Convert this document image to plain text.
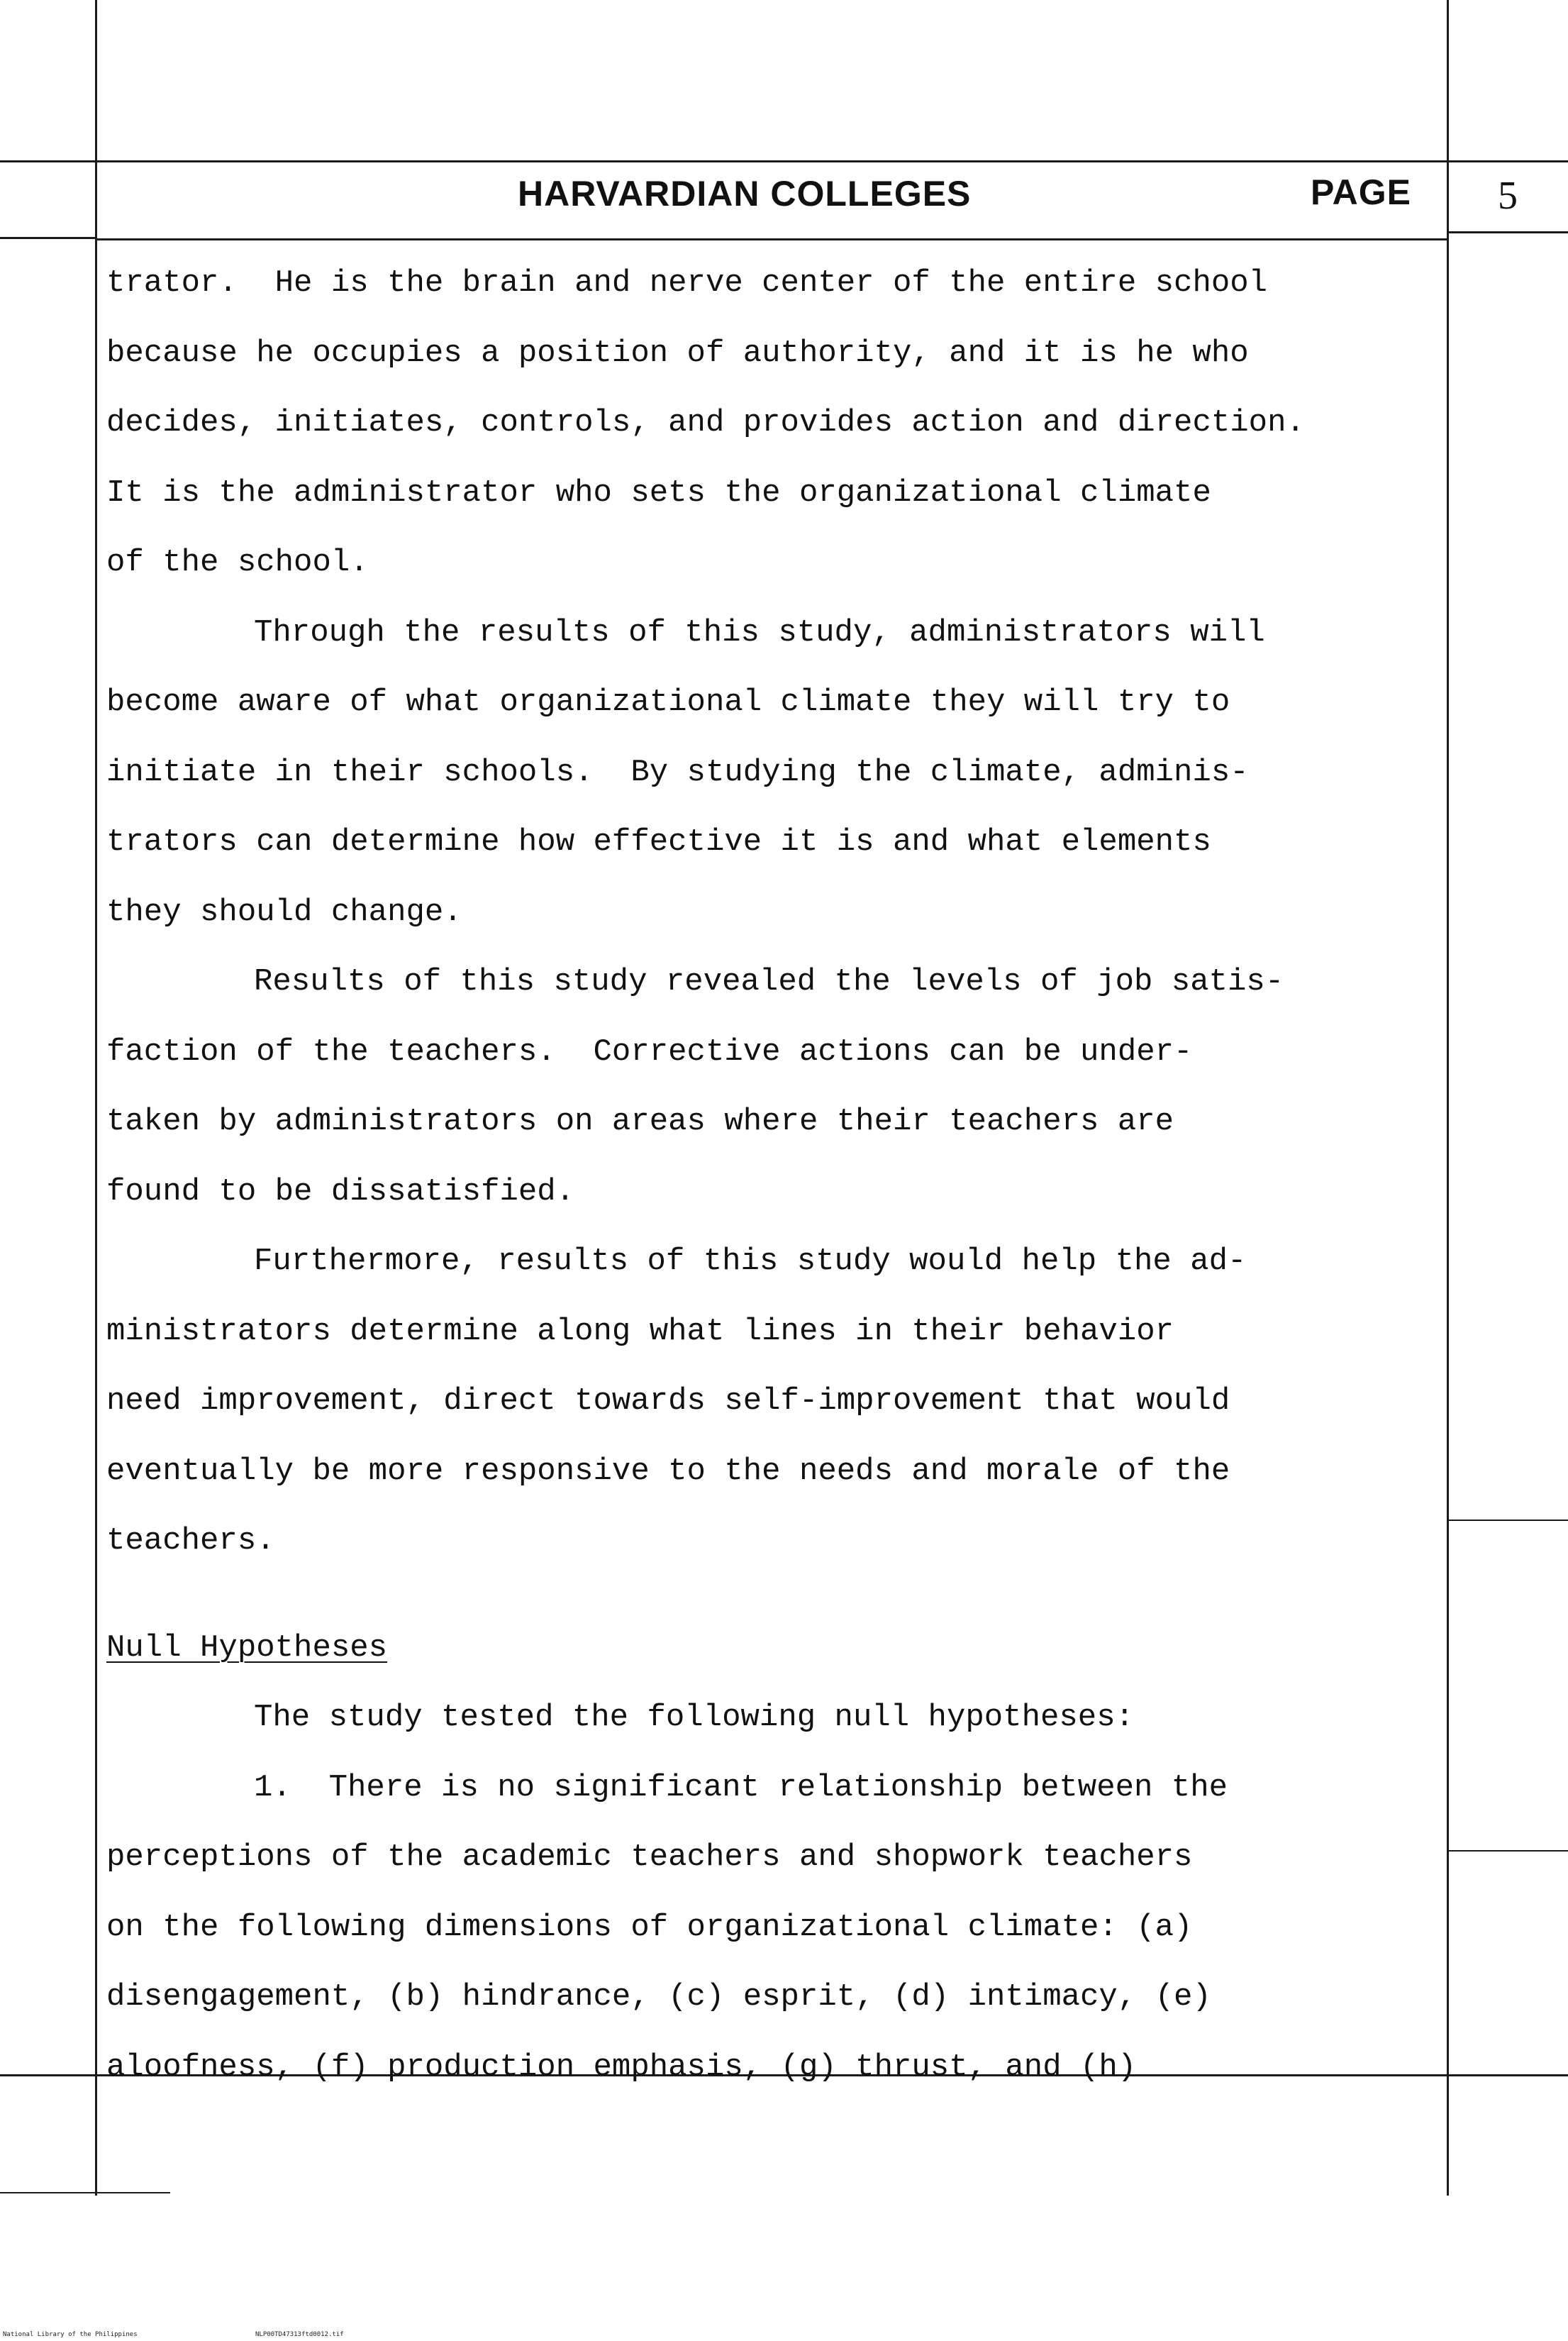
HARVARDIAN COLLEGES	PAGE 5
trator.  He is the brain and nerve center of the entire school
because he occupies a position of authority, and it is he who
decides, initiates, controls, and provides action and direction.
It is the administrator who sets the organizational climate
of the school.
Through the results of this study, administrators will
become aware of what organizational climate they will try to
initiate in their schools.  By studying the climate, adminis-
trators can determine how effective it is and what elements
they should change.
Results of this study revealed the levels of job satis-
faction of the teachers.  Corrective actions can be under-
taken by administrators on areas where their teachers are
found to be dissatisfied.
Furthermore, results of this study would help the ad-
ministrators determine along what lines in their behavior
need improvement, direct towards self-improvement that would
eventually be more responsive to the needs and morale of the
teachers.
Null Hypotheses
The study tested the following null hypotheses:
1.  There is no significant relationship between the
perceptions of the academic teachers and shopwork teachers
on the following dimensions of organizational climate: (a)
disengagement, (b) hindrance, (c) esprit, (d) intimacy, (e)
aloofness, (f) production emphasis, (g) thrust, and (h)
National Library of the Philippines	NLP00TD47313ftd0012.tif
